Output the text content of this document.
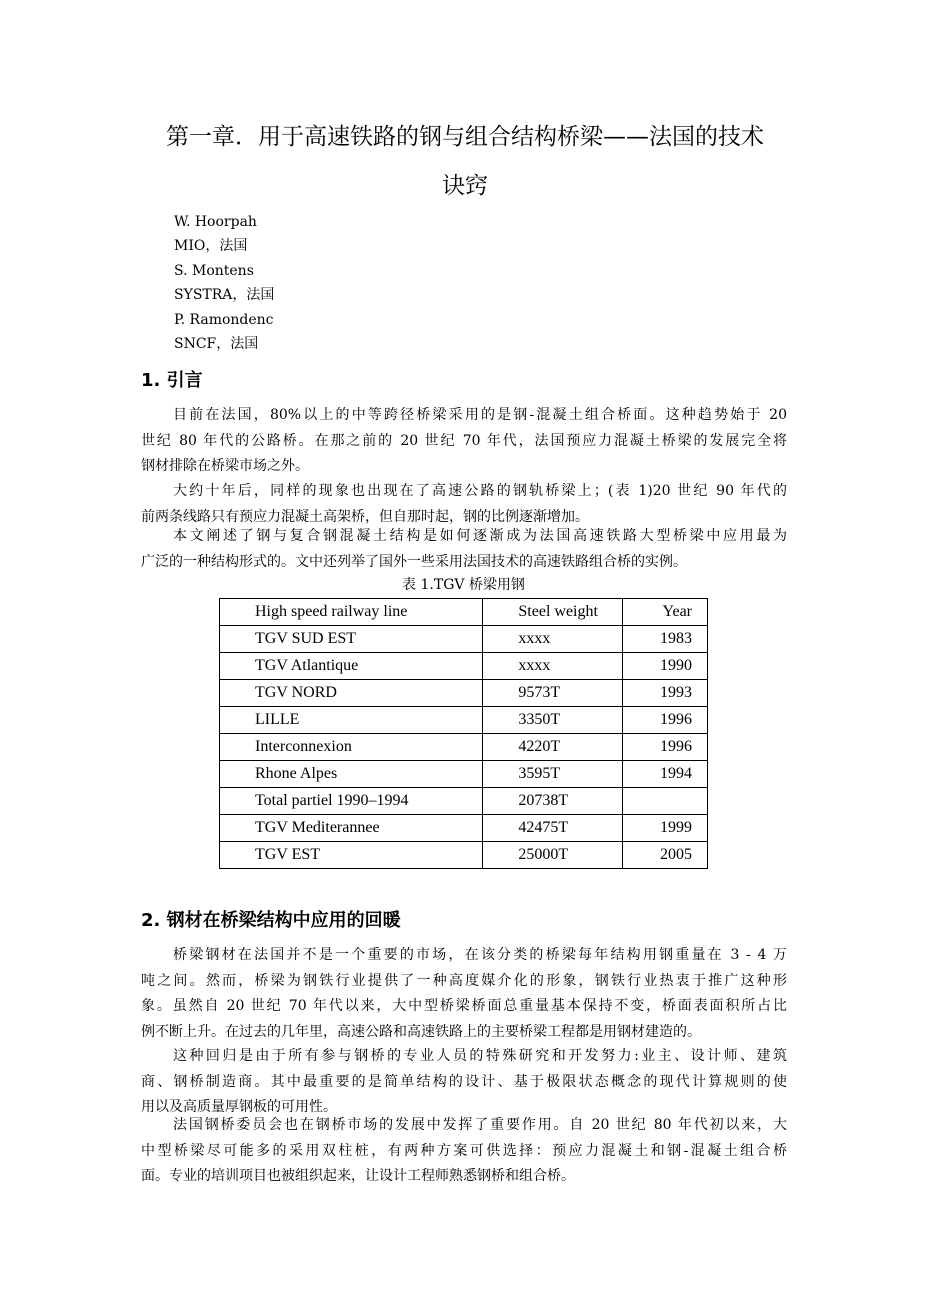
第一章．用于高速铁路的钢与组合结构桥梁——法国的技术
诀窍
W. Hoorpah
MIO，法国
S. Montens
SYSTRA，法国
P. Ramondenc
SNCF，法国
1. 引言
目前在法国，80%以上的中等跨径桥梁采用的是钢-混凝土组合桥面。这种趋势始于 20
世纪 80 年代的公路桥。在那之前的 20 世纪 70 年代，法国预应力混凝土桥梁的发展完全将
钢材排除在桥梁市场之外。
大约十年后，同样的现象也出现在了高速公路的钢轨桥梁上；(表 1)20 世纪 90 年代的
前两条线路只有预应力混凝土高架桥，但自那时起，钢的比例逐渐增加。
本文阐述了钢与复合钢混凝土结构是如何逐渐成为法国高速铁路大型桥梁中应用最为
广泛的一种结构形式的。文中还列举了国外一些采用法国技术的高速铁路组合桥的实例。
表 1.TGV 桥梁用钢
High speed railway line	Steel weight	Year
TGV SUD EST	xxxx	1983
TGV Atlantique	xxxx	1990
TGV NORD	9573T	1993
LILLE	3350T	1996
Interconnexion	4220T	1996
Rhone Alpes	3595T	1994
Total partiel 1990–1994	20738T	
TGV Mediterannee	42475T	1999
TGV EST	25000T	2005
2. 钢材在桥梁结构中应用的回暖
桥梁钢材在法国并不是一个重要的市场，在该分类的桥梁每年结构用钢重量在 3 - 4 万
吨之间。然而，桥梁为钢铁行业提供了一种高度媒介化的形象，钢铁行业热衷于推广这种形
象。虽然自 20 世纪 70 年代以来，大中型桥梁桥面总重量基本保持不变，桥面表面积所占比
例不断上升。在过去的几年里，高速公路和高速铁路上的主要桥梁工程都是用钢材建造的。
这种回归是由于所有参与钢桥的专业人员的特殊研究和开发努力:业主、设计师、建筑
商、钢桥制造商。其中最重要的是简单结构的设计、基于极限状态概念的现代计算规则的使
用以及高质量厚钢板的可用性。
法国钢桥委员会也在钢桥市场的发展中发挥了重要作用。自 20 世纪 80 年代初以来，大
中型桥梁尽可能多的采用双柱桩，有两种方案可供选择：预应力混凝土和钢-混凝土组合桥
面。专业的培训项目也被组织起来，让设计工程师熟悉钢桥和组合桥。
